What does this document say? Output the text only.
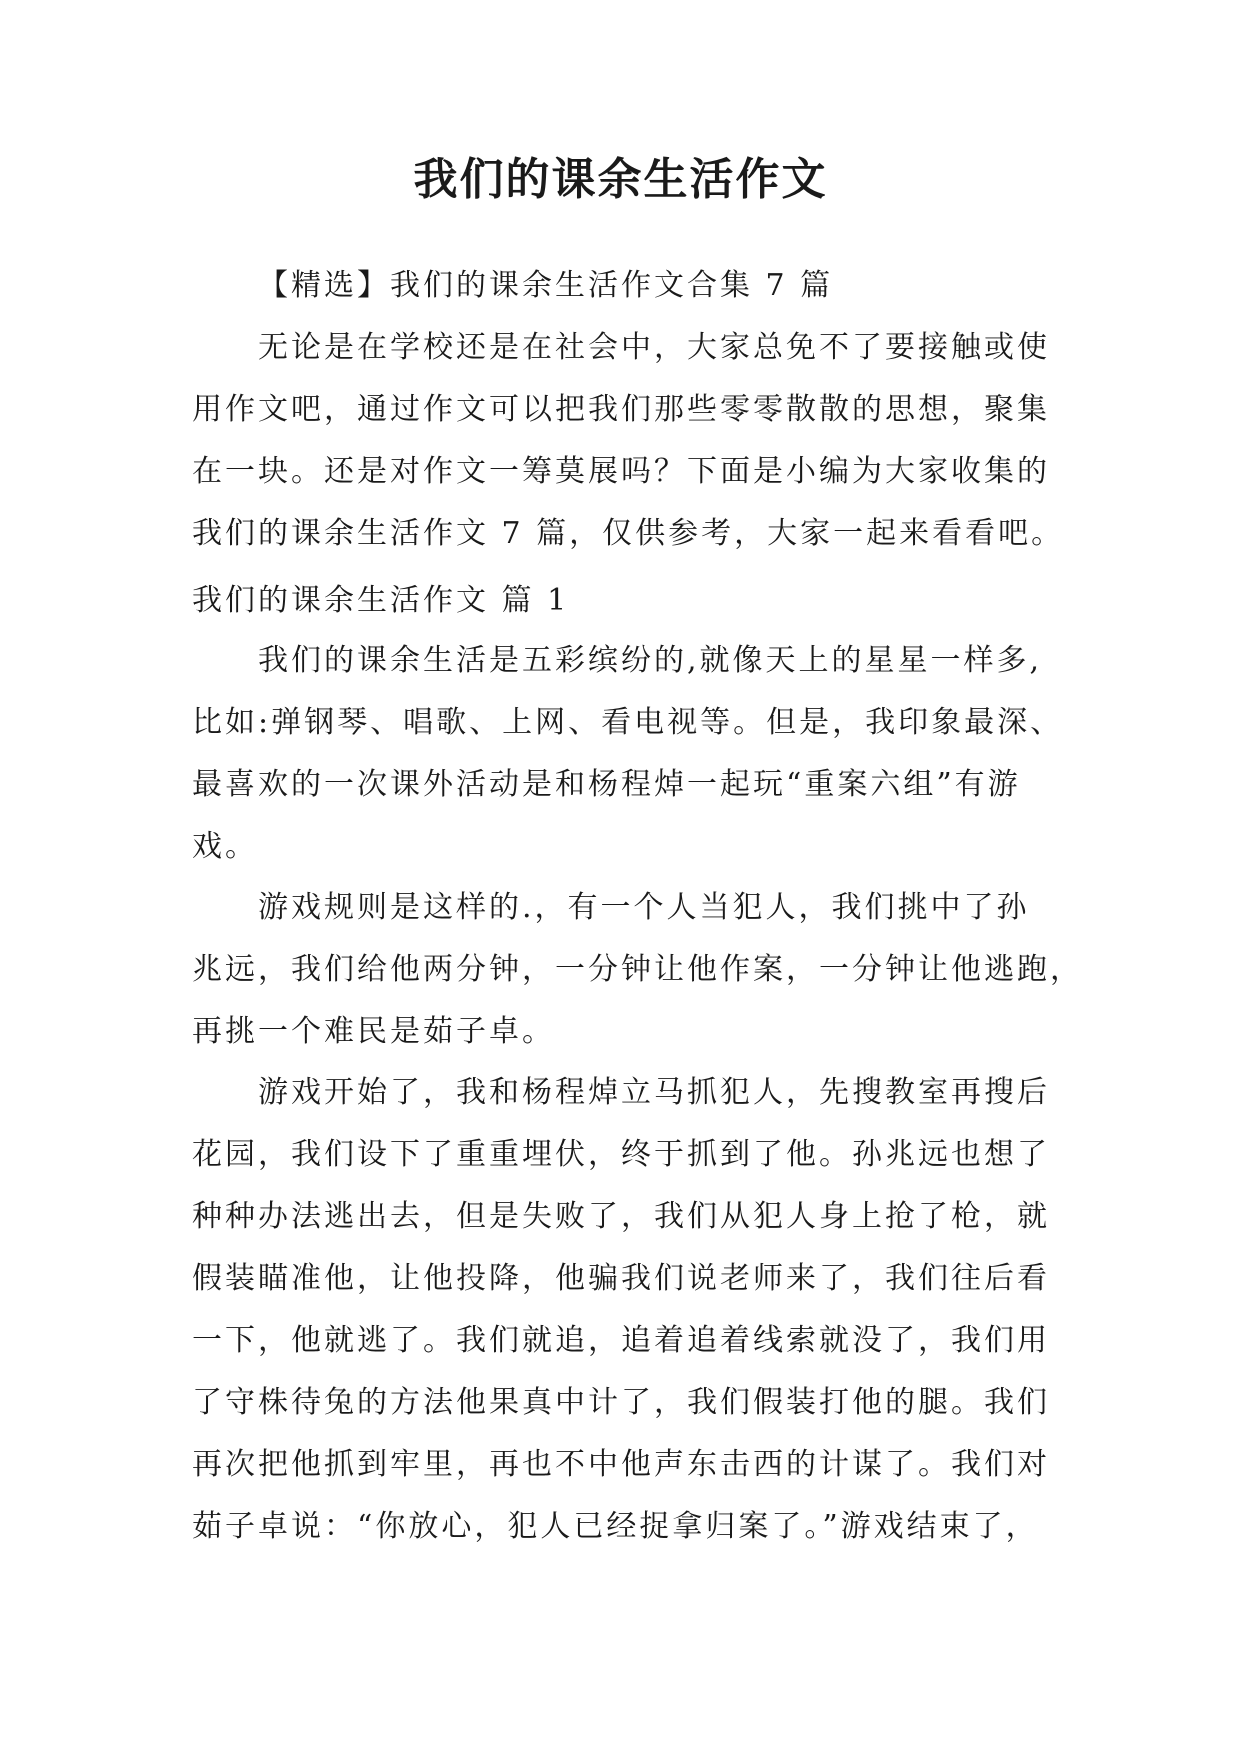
我们的课余生活作文
【精选】我们的课余生活作文合集 7 篇
无论是在学校还是在社会中，大家总免不了要接触或使
用作文吧，通过作文可以把我们那些零零散散的思想，聚集
在一块。还是对作文一筹莫展吗？下面是小编为大家收集的
我们的课余生活作文 7 篇，仅供参考，大家一起来看看吧。
我们的课余生活作文 篇 1
我们的课余生活是五彩缤纷的,就像天上的星星一样多,
比如:弹钢琴、唱歌、上网、看电视等。但是，我印象最深、
最喜欢的一次课外活动是和杨程焯一起玩“重案六组”有游
戏。
游戏规则是这样的.，有一个人当犯人，我们挑中了孙
兆远，我们给他两分钟，一分钟让他作案，一分钟让他逃跑，
再挑一个难民是茹子卓。
游戏开始了，我和杨程焯立马抓犯人，先搜教室再搜后
花园，我们设下了重重埋伏，终于抓到了他。孙兆远也想了
种种办法逃出去，但是失败了，我们从犯人身上抢了枪，就
假装瞄准他，让他投降，他骗我们说老师来了，我们往后看
一下，他就逃了。我们就追，追着追着线索就没了，我们用
了守株待兔的方法他果真中计了，我们假装打他的腿。我们
再次把他抓到牢里，再也不中他声东击西的计谋了。我们对
茹子卓说：“你放心，犯人已经捉拿归案了。”游戏结束了，
